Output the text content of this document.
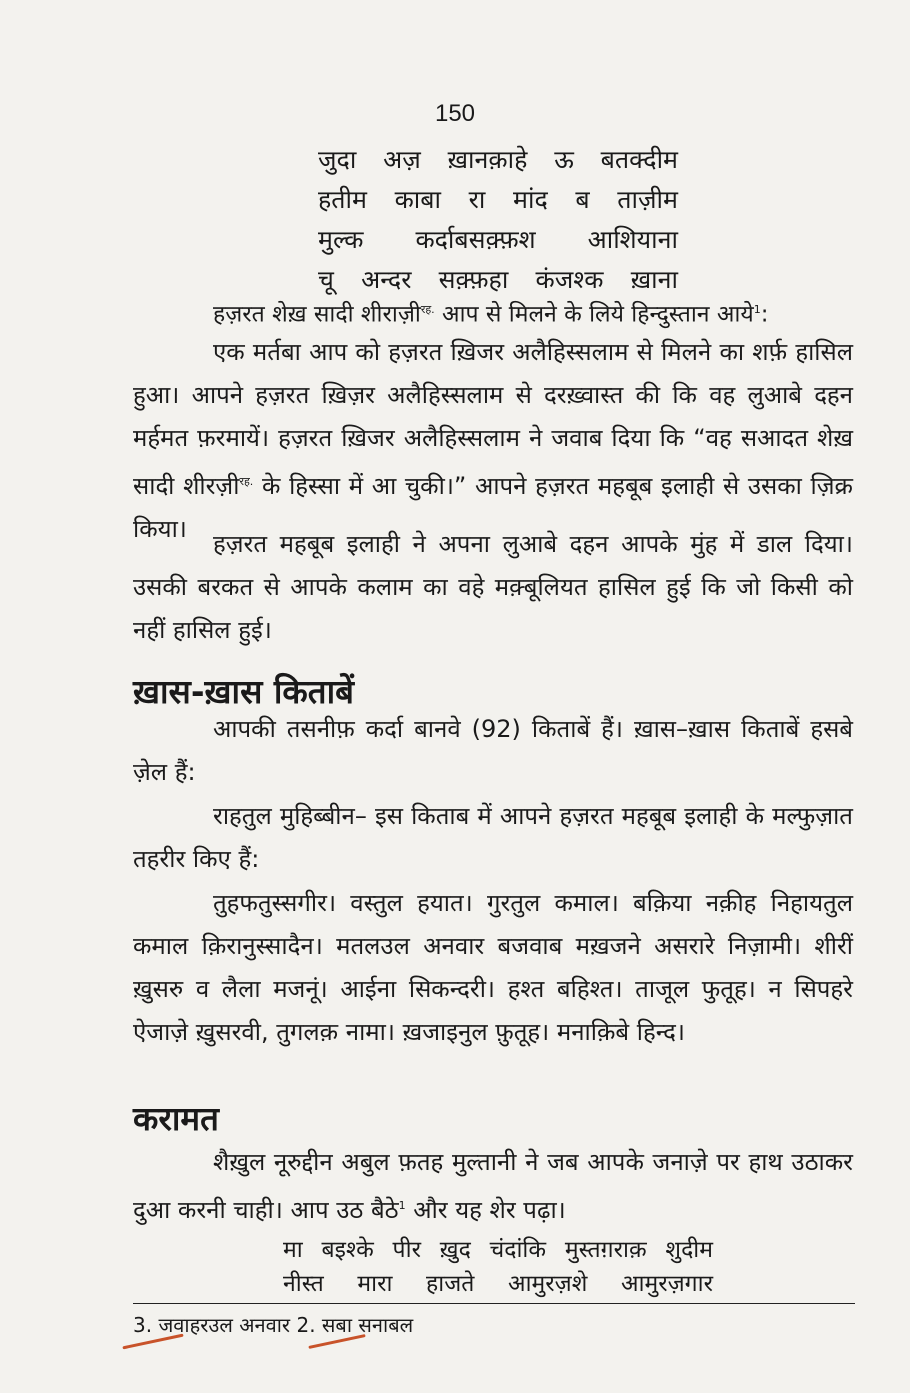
150
जुदा अज़ ख़ानक़ाहे ऊ बतक्दीम
हतीम काबा रा मांद ब ताज़ीम
मुल्क कर्दाबसक़्फ़श आशियाना
चू अन्दर सक़्फ़हा कंजश्क ख़ाना
हज़रत शेख़ सादी शीराज़ी$^{रह.}$ आप से मिलने के लिये हिन्दुस्तान आये$^1$:
एक मर्तबा आप को हज़रत ख़िजर अलैहिस्सलाम से मिलने का शर्फ़ हासिल हुआ। आपने हज़रत ख़िज़र अलैहिस्सलाम से दरख़्वास्त की कि वह लुआबे दहन मर्हमत फ़रमायें। हज़रत ख़िजर अलैहिस्सलाम ने जवाब दिया कि “वह सआदत शेख़ सादी शीरज़ी$^{रह.}$ के हिस्सा में आ चुकी।” आपने हज़रत महबूब इलाही से उसका ज़िक्र किया।
हज़रत महबूब इलाही ने अपना लुआबे दहन आपके मुंह में डाल दिया। उसकी बरकत से आपके कलाम का वहे मक़्बूलियत हासिल हुई कि जो किसी को नहीं हासिल हुई।
ख़ास-ख़ास किताबें
आपकी तसनीफ़ कर्दा बानवे (92) किताबें हैं। ख़ास–ख़ास किताबें हसबे ज़ेल हैं:
राहतुल मुहिब्बीन– इस किताब में आपने हज़रत महबूब इलाही के मल्फुज़ात तहरीर किए हैं:
तुहफतुस्सगीर। वस्तुल हयात। गुरतुल कमाल। बक़िया नक़ीह निहायतुल कमाल क़िरानुस्सादैन। मतलउल अनवार बजवाब मख़जने असरारे निज़ामी। शीरीं ख़ुसरु व लैला मजनूं। आईना सिकन्दरी। हश्त बहिश्त। ताजूल फुतूह। न सिपहरे ऐजाज़े ख़ुसरवी, तुगलक़ नामा। ख़जाइनुल फ़ुतूह। मनाक़िबे हिन्द।
करामत
शैख़ुल नूरुद्दीन अबुल फ़तह मुल्तानी ने जब आपके जनाज़े पर हाथ उठाकर दुआ करनी चाही। आप उठ बैठे$^1$ और यह शेर पढ़ा।
मा बइश्के पीर ख़ुद चंदांकि मुस्तग़राक़ शुदीम
नीस्त मारा हाजते आमुरज़शे आमुरज़गार
3. जवाहरउल अनवार 2. सबा सनाबल
